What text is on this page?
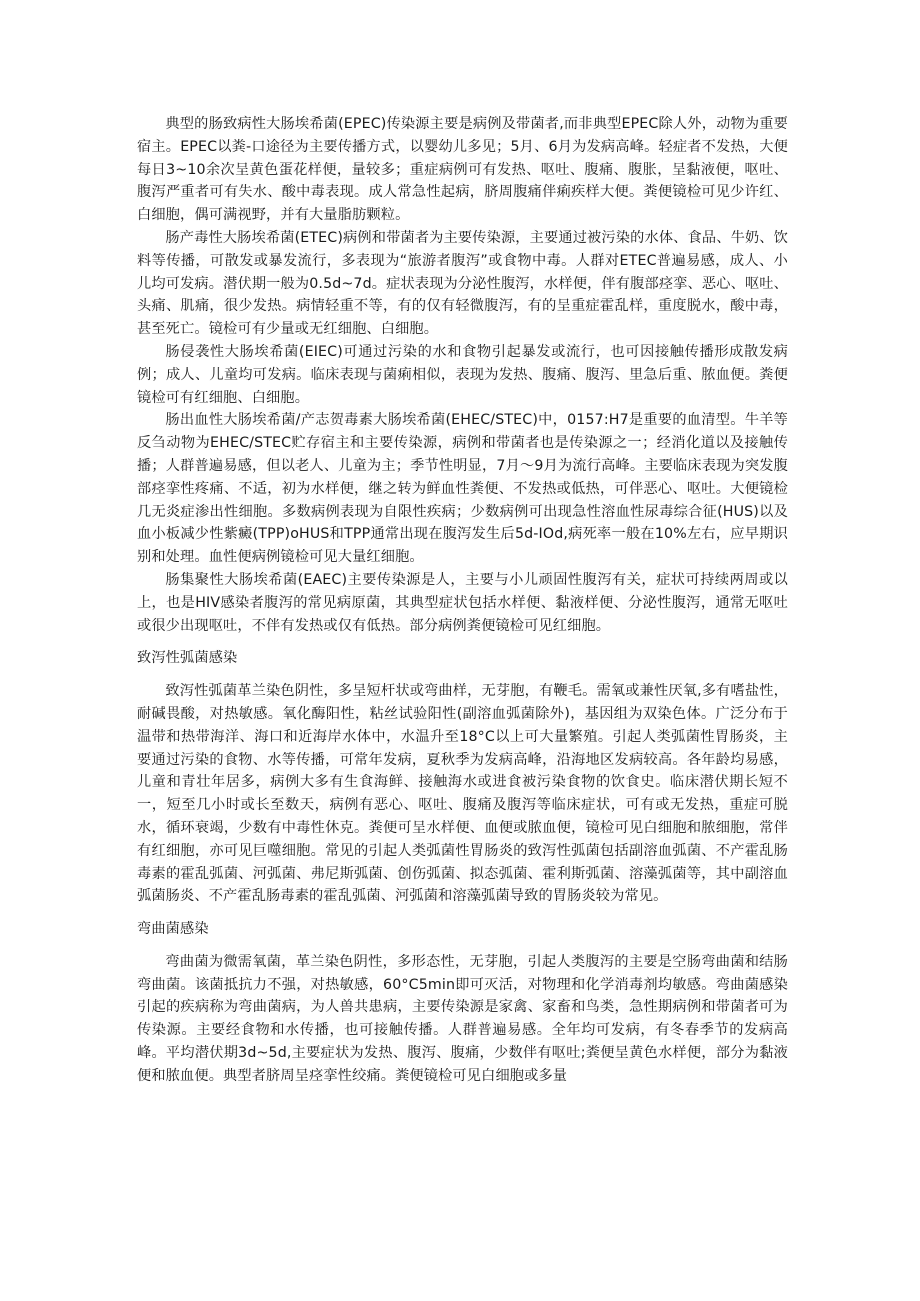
典型的肠致病性大肠埃希菌(EPEC)传染源主要是病例及带菌者,而非典型EPEC除人外，动物为重要宿主。EPEC以粪-口途径为主要传播方式，以婴幼儿多见；5月、6月为发病高峰。轻症者不发热，大便每日3~10余次呈黄色蛋花样便，量较多；重症病例可有发热、呕吐、腹痛、腹胀，呈黏液便，呕吐、腹泻严重者可有失水、酸中毒表现。成人常急性起病，脐周腹痛伴痢疾样大便。粪便镜检可见少许红、白细胞，偶可满视野，并有大量脂肪颗粒。

肠产毒性大肠埃希菌(ETEC)病例和带菌者为主要传染源，主要通过被污染的水体、食品、牛奶、饮料等传播，可散发或暴发流行，多表现为“旅游者腹泻”或食物中毒。人群对ETEC普遍易感，成人、小儿均可发病。潜伏期一般为0.5d~7d。症状表现为分泌性腹泻，水样便，伴有腹部痉挛、恶心、呕吐、头痛、肌痛，很少发热。病情轻重不等，有的仅有轻微腹泻，有的呈重症霍乱样，重度脱水，酸中毒，甚至死亡。镜检可有少量或无红细胞、白细胞。

肠侵袭性大肠埃希菌(EIEC)可通过污染的水和食物引起暴发或流行，也可因接触传播形成散发病例；成人、儿童均可发病。临床表现与菌痢相似，表现为发热、腹痛、腹泻、里急后重、脓血便。粪便镜检可有红细胞、白细胞。

肠出血性大肠埃希菌/产志贺毒素大肠埃希菌(EHEC/STEC)中，0157:H7是重要的血清型。牛羊等反刍动物为EHEC/STEC贮存宿主和主要传染源，病例和带菌者也是传染源之一；经消化道以及接触传播；人群普遍易感，但以老人、儿童为主；季节性明显，7月～9月为流行高峰。主要临床表现为突发腹部痉挛性疼痛、不适，初为水样便，继之转为鲜血性粪便、不发热或低热，可伴恶心、呕吐。大便镜检几无炎症渗出性细胞。多数病例表现为自限性疾病；少数病例可出现急性溶血性尿毒综合征(HUS)以及血小板减少性紫癜(TPP)oHUS和TPP通常出现在腹泻发生后5d-IOd,病死率一般在10%左右，应早期识别和处理。血性便病例镜检可见大量红细胞。

肠集聚性大肠埃希菌(EAEC)主要传染源是人，主要与小儿顽固性腹泻有关，症状可持续两周或以上，也是HIV感染者腹泻的常见病原菌，其典型症状包括水样便、黏液样便、分泌性腹泻，通常无呕吐或很少出现呕吐，不伴有发热或仅有低热。部分病例粪便镜检可见红细胞。

致泻性弧菌感染

致泻性弧菌革兰染色阴性，多呈短杆状或弯曲样，无芽胞，有鞭毛。需氧或兼性厌氧,多有嗜盐性，耐碱畏酸，对热敏感。氧化酶阳性，粘丝试验阳性(副溶血弧菌除外)，基因组为双染色体。广泛分布于温带和热带海洋、海口和近海岸水体中，水温升至18°C以上可大量繁殖。引起人类弧菌性胃肠炎，主要通过污染的食物、水等传播，可常年发病，夏秋季为发病高峰，沿海地区发病较高。各年龄均易感，儿童和青壮年居多，病例大多有生食海鲜、接触海水或进食被污染食物的饮食史。临床潜伏期长短不一，短至几小时或长至数天，病例有恶心、呕吐、腹痛及腹泻等临床症状，可有或无发热，重症可脱水，循环衰竭，少数有中毒性休克。粪便可呈水样便、血便或脓血便，镜检可见白细胞和脓细胞，常伴有红细胞，亦可见巨噬细胞。常见的引起人类弧菌性胃肠炎的致泻性弧菌包括副溶血弧菌、不产霍乱肠毒素的霍乱弧菌、河弧菌、弗尼斯弧菌、创伤弧菌、拟态弧菌、霍利斯弧菌、溶藻弧菌等，其中副溶血弧菌肠炎、不产霍乱肠毒素的霍乱弧菌、河弧菌和溶藻弧菌导致的胃肠炎较为常见。

弯曲菌感染

弯曲菌为微需氧菌，革兰染色阴性，多形态性，无芽胞，引起人类腹泻的主要是空肠弯曲菌和结肠弯曲菌。该菌抵抗力不强，对热敏感，60°C5min即可灭活，对物理和化学消毒剂均敏感。弯曲菌感染引起的疾病称为弯曲菌病，为人兽共患病，主要传染源是家禽、家畜和鸟类，急性期病例和带菌者可为传染源。主要经食物和水传播，也可接触传播。人群普遍易感。全年均可发病，有冬春季节的发病高峰。平均潜伏期3d~5d,主要症状为发热、腹泻、腹痛，少数伴有呕吐;粪便呈黄色水样便，部分为黏液便和脓血便。典型者脐周呈痉挛性绞痛。粪便镜检可见白细胞或多量
